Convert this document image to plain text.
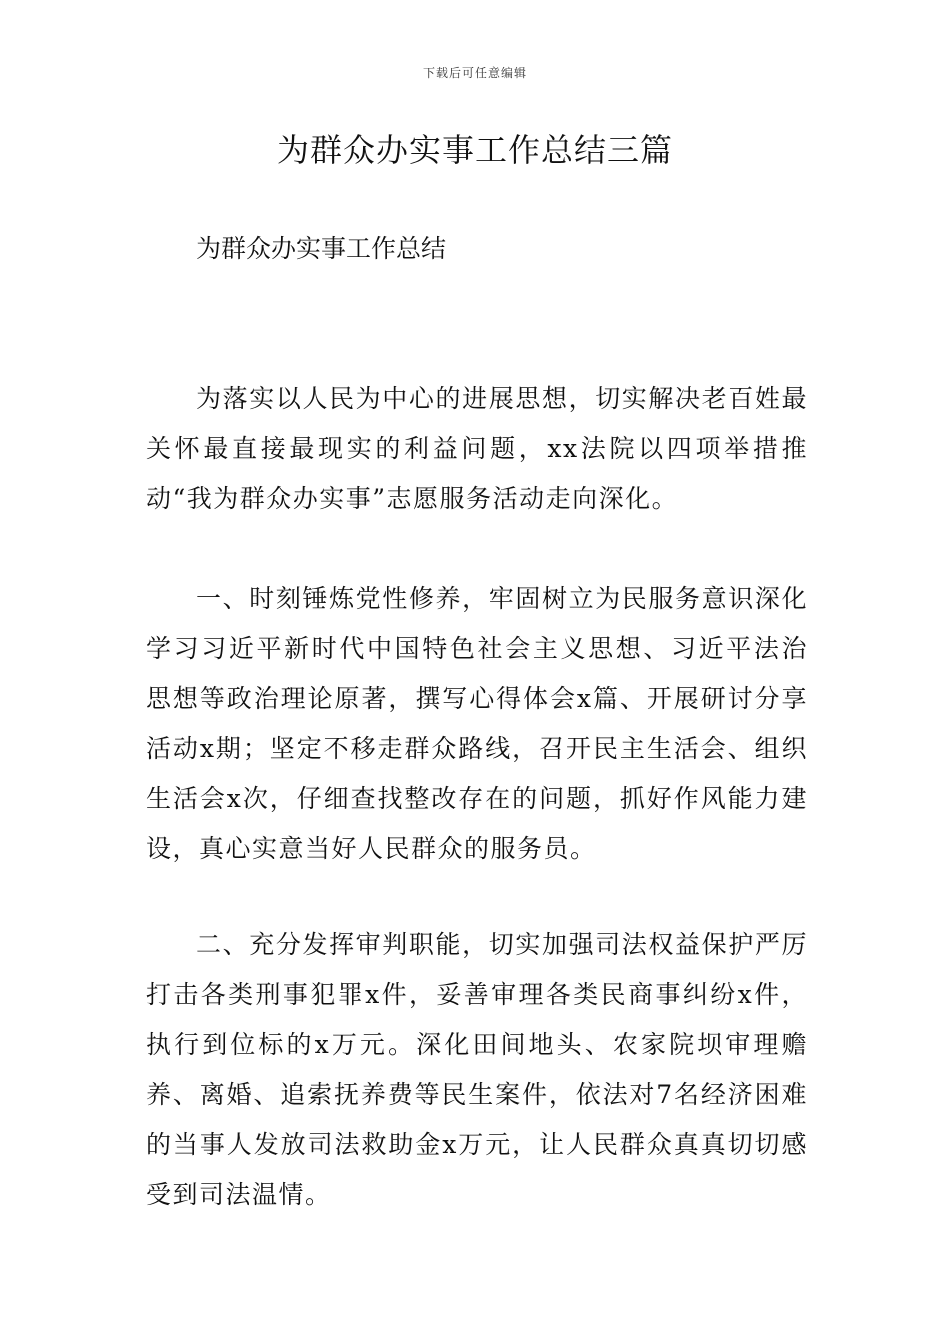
下载后可任意编辑
为群众办实事工作总结三篇

为群众办实事工作总结

为落实以人民为中心的进展思想，切实解决老百姓最关怀最直接最现实的利益问题，xx法院以四项举措推动“我为群众办实事”志愿服务活动走向深化。

一、时刻锤炼党性修养，牢固树立为民服务意识深化学习习近平新时代中国特色社会主义思想、习近平法治思想等政治理论原著，撰写心得体会x篇、开展研讨分享活动x期；坚定不移走群众路线，召开民主生活会、组织生活会x次，仔细查找整改存在的问题，抓好作风能力建设，真心实意当好人民群众的服务员。

二、充分发挥审判职能，切实加强司法权益保护严厉打击各类刑事犯罪x件，妥善审理各类民商事纠纷x件，执行到位标的x万元。深化田间地头、农家院坝审理赡养、离婚、追索抚养费等民生案件，依法对7名经济困难的当事人发放司法救助金x万元，让人民群众真真切切感受到司法温情。
